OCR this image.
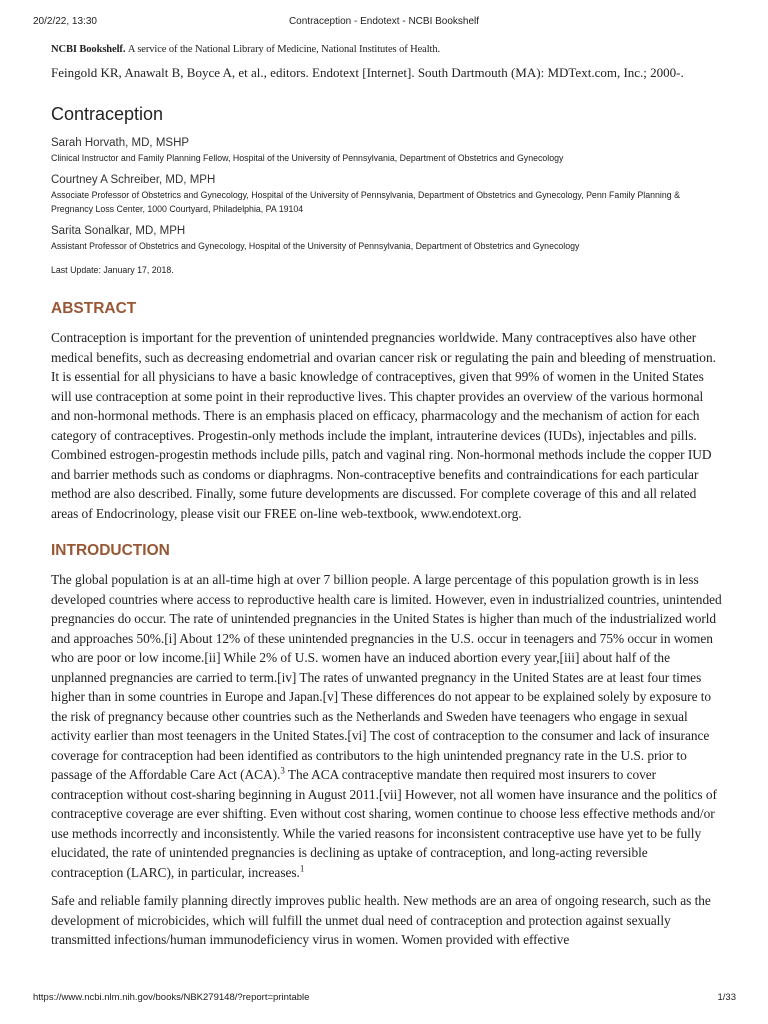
20/2/22, 13:30	Contraception - Endotext - NCBI Bookshelf

NCBI Bookshelf. A service of the National Library of Medicine, National Institutes of Health.

Feingold KR, Anawalt B, Boyce A, et al., editors. Endotext [Internet]. South Dartmouth (MA): MDText.com, Inc.; 2000-.

Contraception
Sarah Horvath, MD, MSHP
Clinical Instructor and Family Planning Fellow, Hospital of the University of Pennsylvania, Department of Obstetrics and Gynecology
Courtney A Schreiber, MD, MPH
Associate Professor of Obstetrics and Gynecology, Hospital of the University of Pennsylvania, Department of Obstetrics and Gynecology, Penn Family Planning & Pregnancy Loss Center, 1000 Courtyard, Philadelphia, PA 19104
Sarita Sonalkar, MD, MPH
Assistant Professor of Obstetrics and Gynecology, Hospital of the University of Pennsylvania, Department of Obstetrics and Gynecology
Last Update: January 17, 2018.
ABSTRACT

Contraception is important for the prevention of unintended pregnancies worldwide. Many contraceptives also have other medical benefits, such as decreasing endometrial and ovarian cancer risk or regulating the pain and bleeding of menstruation. It is essential for all physicians to have a basic knowledge of contraceptives, given that 99% of women in the United States will use contraception at some point in their reproductive lives. This chapter provides an overview of the various hormonal and non-hormonal methods. There is an emphasis placed on efficacy, pharmacology and the mechanism of action for each category of contraceptives. Progestin-only methods include the implant, intrauterine devices (IUDs), injectables and pills. Combined estrogen-progestin methods include pills, patch and vaginal ring. Non-hormonal methods include the copper IUD and barrier methods such as condoms or diaphragms. Non-contraceptive benefits and contraindications for each particular method are also described. Finally, some future developments are discussed. For complete coverage of this and all related areas of Endocrinology, please visit our FREE on-line web-textbook, www.endotext.org.

INTRODUCTION

The global population is at an all-time high at over 7 billion people. A large percentage of this population growth is in less developed countries where access to reproductive health care is limited. However, even in industrialized countries, unintended pregnancies do occur. The rate of unintended pregnancies in the United States is higher than much of the industrialized world and approaches 50%.[i] About 12% of these unintended pregnancies in the U.S. occur in teenagers and 75% occur in women who are poor or low income.[ii] While 2% of U.S. women have an induced abortion every year,[iii] about half of the unplanned pregnancies are carried to term.[iv] The rates of unwanted pregnancy in the United States are at least four times higher than in some countries in Europe and Japan.[v] These differences do not appear to be explained solely by exposure to the risk of pregnancy because other countries such as the Netherlands and Sweden have teenagers who engage in sexual activity earlier than most teenagers in the United States.[vi] The cost of contraception to the consumer and lack of insurance coverage for contraception had been identified as contributors to the high unintended pregnancy rate in the U.S. prior to passage of the Affordable Care Act (ACA).$^3$ The ACA contraceptive mandate then required most insurers to cover contraception without cost-sharing beginning in August 2011.[vii] However, not all women have insurance and the politics of contraceptive coverage are ever shifting. Even without cost sharing, women continue to choose less effective methods and/or use methods incorrectly and inconsistently. While the varied reasons for inconsistent contraceptive use have yet to be fully elucidated, the rate of unintended pregnancies is declining as uptake of contraception, and long-acting reversible contraception (LARC), in particular, increases.$^1$

Safe and reliable family planning directly improves public health. New methods are an area of ongoing research, such as the development of microbicides, which will fulfill the unmet dual need of contraception and protection against sexually transmitted infections/human immunodeficiency virus in women. Women provided with effective

https://www.ncbi.nlm.nih.gov/books/NBK279148/?report=printable	1/33
